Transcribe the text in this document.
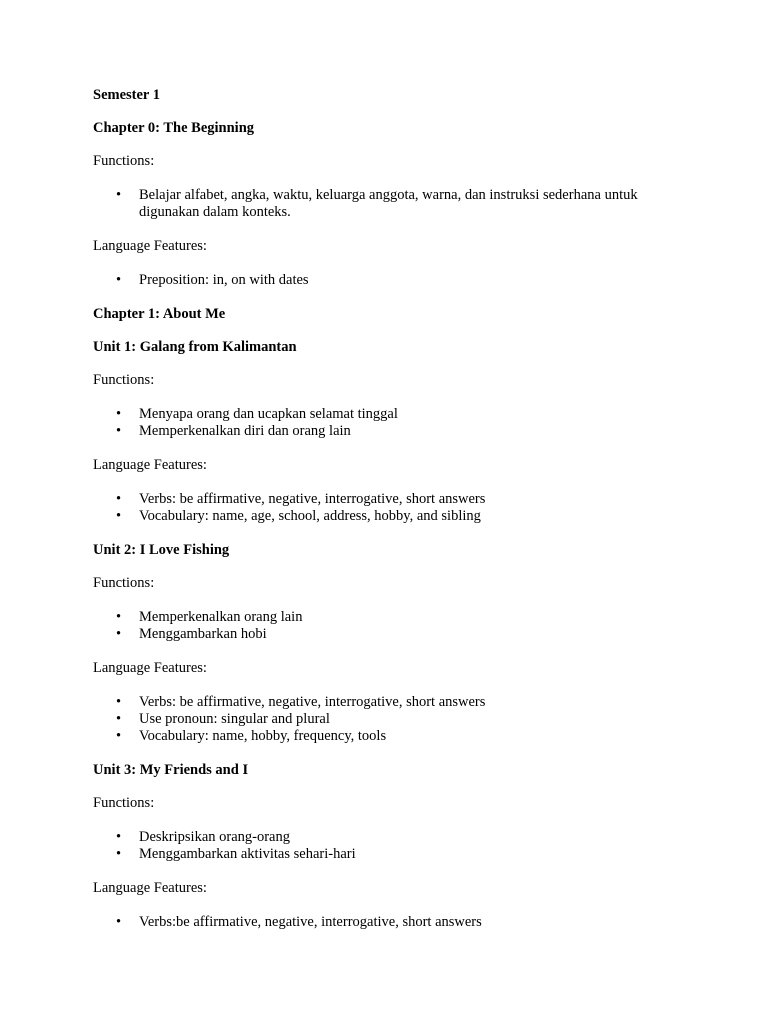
Semester 1
Chapter 0: The Beginning
Functions:
•	Belajar alfabet, angka, waktu, keluarga anggota, warna, dan instruksi sederhana untuk digunakan dalam konteks.
Language Features:
•	Preposition: in, on with dates
Chapter 1: About Me
Unit 1: Galang from Kalimantan
Functions:
•	Menyapa orang dan ucapkan selamat tinggal
•	Memperkenalkan diri dan orang lain
Language Features:
•	Verbs: be affirmative, negative, interrogative, short answers
•	Vocabulary: name, age, school, address, hobby, and sibling
Unit 2: I Love Fishing
Functions:
•	Memperkenalkan orang lain
•	Menggambarkan hobi
Language Features:
•	Verbs: be affirmative, negative, interrogative, short answers
•	Use pronoun: singular and plural
•	Vocabulary: name, hobby, frequency, tools
Unit 3: My Friends and I
Functions:
•	Deskripsikan orang-orang
•	Menggambarkan aktivitas sehari-hari
Language Features:
•	Verbs:be affirmative, negative, interrogative, short answers
